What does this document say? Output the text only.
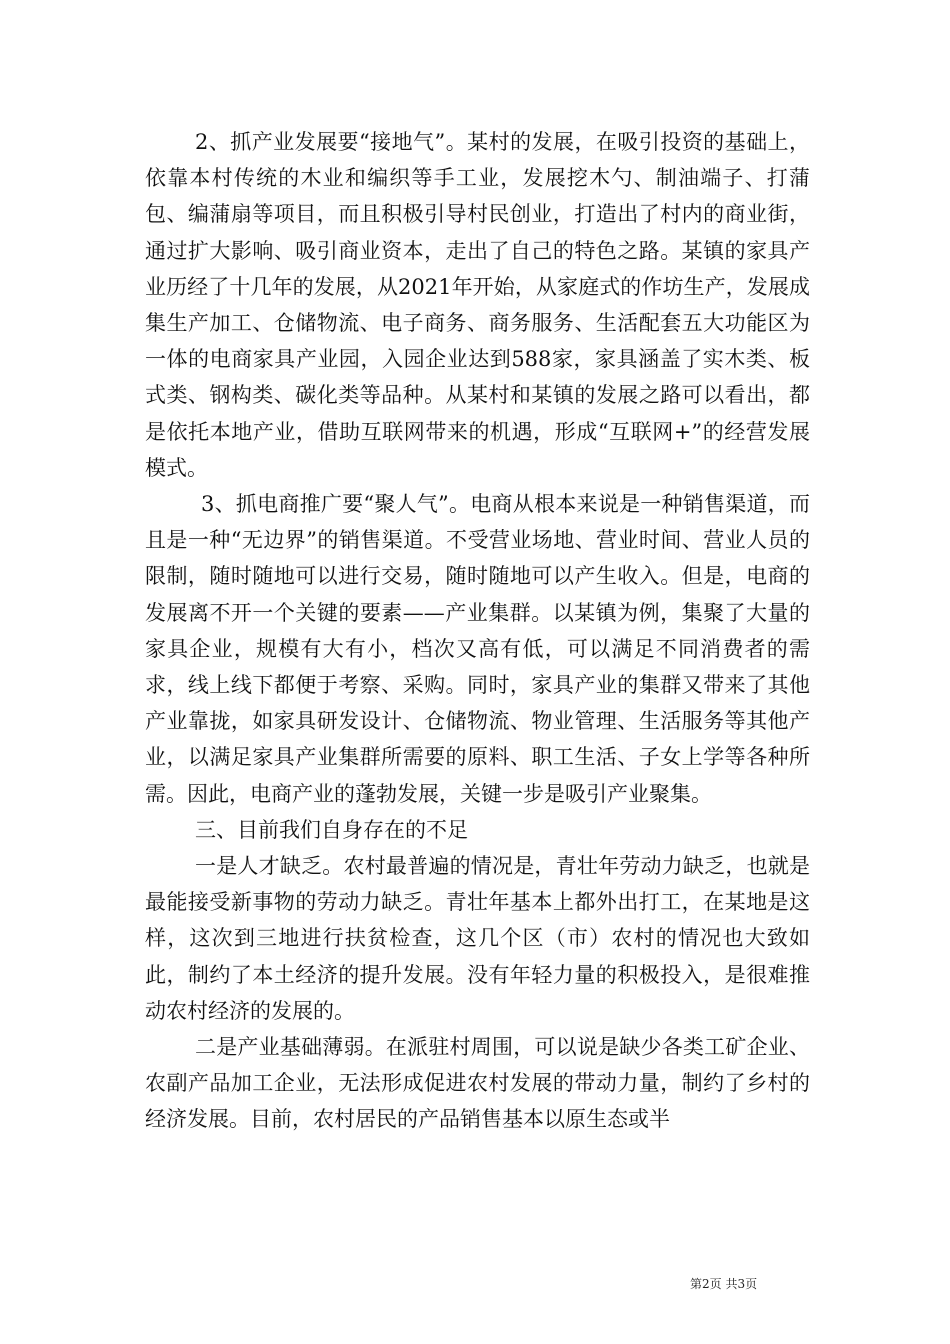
2、抓产业发展要“接地气”。某村的发展，在吸引投资的基础上，依靠本村传统的木业和编织等手工业，发展挖木勺、制油端子、打蒲包、编蒲扇等项目，而且积极引导村民创业，打造出了村内的商业街，通过扩大影响、吸引商业资本，走出了自己的特色之路。某镇的家具产业历经了十几年的发展，从2021年开始，从家庭式的作坊生产，发展成集生产加工、仓储物流、电子商务、商务服务、生活配套五大功能区为一体的电商家具产业园，入园企业达到588家，家具涵盖了实木类、板式类、钢构类、碳化类等品种。从某村和某镇的发展之路可以看出，都是依托本地产业，借助互联网带来的机遇，形成“互联网+”的经营发展模式。

3、抓电商推广要“聚人气”。电商从根本来说是一种销售渠道，而且是一种“无边界”的销售渠道。不受营业场地、营业时间、营业人员的限制，随时随地可以进行交易，随时随地可以产生收入。但是，电商的发展离不开一个关键的要素——产业集群。以某镇为例，集聚了大量的家具企业，规模有大有小，档次又高有低，可以满足不同消费者的需求，线上线下都便于考察、采购。同时，家具产业的集群又带来了其他产业靠拢，如家具研发设计、仓储物流、物业管理、生活服务等其他产业，以满足家具产业集群所需要的原料、职工生活、子女上学等各种所需。因此，电商产业的蓬勃发展，关键一步是吸引产业聚集。

三、目前我们自身存在的不足

一是人才缺乏。农村最普遍的情况是，青壮年劳动力缺乏，也就是最能接受新事物的劳动力缺乏。青壮年基本上都外出打工，在某地是这样，这次到三地进行扶贫检查，这几个区（市）农村的情况也大致如此，制约了本土经济的提升发展。没有年轻力量的积极投入，是很难推动农村经济的发展的。

二是产业基础薄弱。在派驻村周围，可以说是缺少各类工矿企业、农副产品加工企业，无法形成促进农村发展的带动力量，制约了乡村的经济发展。目前，农村居民的产品销售基本以原生态或半

第2页 共3页
